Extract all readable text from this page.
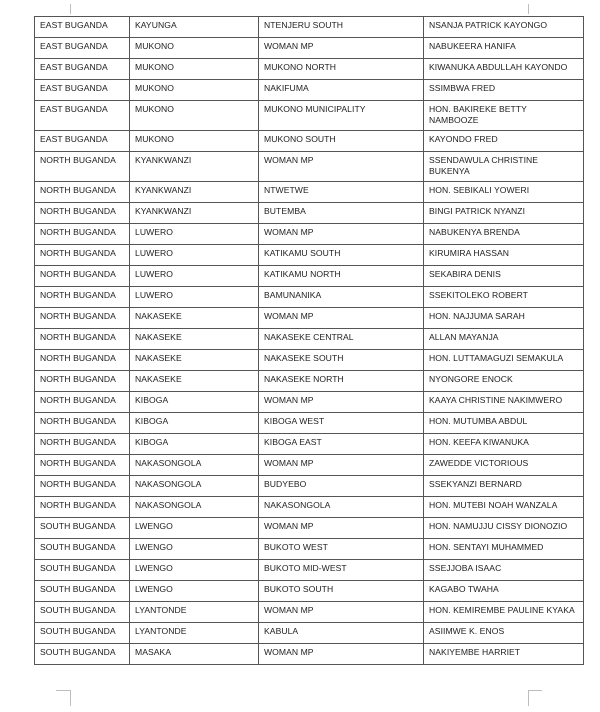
EAST BUGANDA	KAYUNGA	NTENJERU SOUTH	NSANJA PATRICK KAYONGO
EAST BUGANDA	MUKONO	WOMAN MP	NABUKEERA HANIFA
EAST BUGANDA	MUKONO	MUKONO NORTH	KIWANUKA ABDULLAH KAYONDO
EAST BUGANDA	MUKONO	NAKIFUMA	SSIMBWA FRED
EAST BUGANDA	MUKONO	MUKONO MUNICIPALITY	HON. BAKIREKE BETTY NAMBOOZE
EAST BUGANDA	MUKONO	MUKONO SOUTH	KAYONDO FRED
NORTH BUGANDA	KYANKWANZI	WOMAN MP	SSENDAWULA CHRISTINE BUKENYA
NORTH BUGANDA	KYANKWANZI	NTWETWE	HON. SEBIKALI YOWERI
NORTH BUGANDA	KYANKWANZI	BUTEMBA	BINGI PATRICK NYANZI
NORTH BUGANDA	LUWERO	WOMAN MP	NABUKENYA BRENDA
NORTH BUGANDA	LUWERO	KATIKAMU SOUTH	KIRUMIRA HASSAN
NORTH BUGANDA	LUWERO	KATIKAMU NORTH	SEKABIRA DENIS
NORTH BUGANDA	LUWERO	BAMUNANIKA	SSEKITOLEKO ROBERT
NORTH BUGANDA	NAKASEKE	WOMAN MP	HON. NAJJUMA SARAH
NORTH BUGANDA	NAKASEKE	NAKASEKE CENTRAL	ALLAN MAYANJA
NORTH BUGANDA	NAKASEKE	NAKASEKE SOUTH	HON. LUTTAMAGUZI SEMAKULA
NORTH BUGANDA	NAKASEKE	NAKASEKE NORTH	NYONGORE ENOCK
NORTH BUGANDA	KIBOGA	WOMAN MP	KAAYA CHRISTINE NAKIMWERO
NORTH BUGANDA	KIBOGA	KIBOGA WEST	HON. MUTUMBA ABDUL
NORTH BUGANDA	KIBOGA	KIBOGA EAST	HON. KEEFA KIWANUKA
NORTH BUGANDA	NAKASONGOLA	WOMAN MP	ZAWEDDE VICTORIOUS
NORTH BUGANDA	NAKASONGOLA	BUDYEBO	SSEKYANZI BERNARD
NORTH BUGANDA	NAKASONGOLA	NAKASONGOLA	HON. MUTEBI NOAH WANZALA
SOUTH BUGANDA	LWENGO	WOMAN MP	HON. NAMUJJU CISSY DIONOZIO
SOUTH BUGANDA	LWENGO	BUKOTO WEST	HON. SENTAYI MUHAMMED
SOUTH BUGANDA	LWENGO	BUKOTO MID-WEST	SSEJJOBA ISAAC
SOUTH BUGANDA	LWENGO	BUKOTO SOUTH	KAGABO TWAHA
SOUTH BUGANDA	LYANTONDE	WOMAN MP	HON. KEMIREMBE PAULINE KYAKA
SOUTH BUGANDA	LYANTONDE	KABULA	ASIIMWE K. ENOS
SOUTH BUGANDA	MASAKA	WOMAN MP	NAKIYEMBE HARRIET
